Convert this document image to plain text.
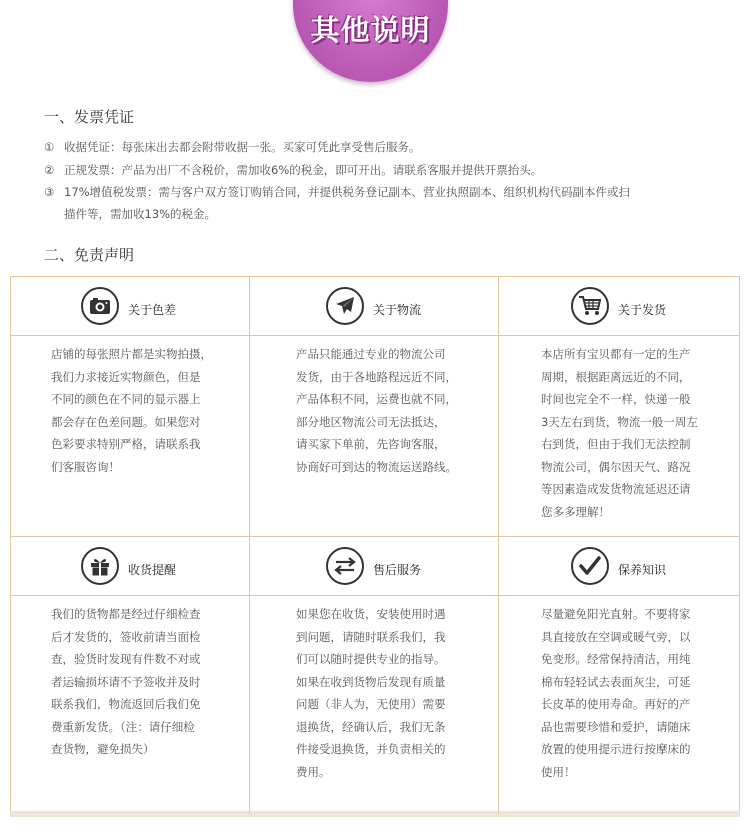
其他说明
一、发票凭证
① 收据凭证：每张床出去都会附带收据一张。买家可凭此享受售后服务。
② 正规发票：产品为出厂不含税价，需加收6%的税金，即可开出。请联系客服并提供开票抬头。
③ 17%增值税发票：需与客户双方签订购销合同，并提供税务登记副本、营业执照副本、组织机构代码副本件或扫
描件等，需加收13%的税金。
二、免责声明
关于色差
店铺的每张照片都是实物拍摄，
我们力求接近实物颜色，但是
不同的颜色在不同的显示器上
都会存在色差问题。如果您对
色彩要求特别严格，请联系我
们客服咨询！
关于物流
产品只能通过专业的物流公司
发货，由于各地路程远近不同，
产品体积不同，运费也就不同，
部分地区物流公司无法抵达，
请买家下单前，先咨询客服，
协商好可到达的物流运送路线。
关于发货
本店所有宝贝都有一定的生产
周期，根据距离远近的不同，
时间也完全不一样，快递一般
3天左右到货，物流一般一周左
右到货，但由于我们无法控制
物流公司，偶尔因天气、路况
等因素造成发货物流延迟还请
您多多理解！
收货提醒
我们的货物都是经过仔细检查
后才发货的，签收前请当面检
查，验货时发现有件数不对或
者运输损坏请不予签收并及时
联系我们，物流返回后我们免
费重新发货。（注：请仔细检
查货物，避免损失）
售后服务
如果您在收货，安装使用时遇
到问题，请随时联系我们，我
们可以随时提供专业的指导。
如果在收到货物后发现有质量
问题（非人为，无使用）需要
退换货，经确认后，我们无条
件接受退换货，并负责相关的
费用。
保养知识
尽量避免阳光直射。不要将家
具直接放在空调或暖气旁，以
免变形。经常保持清洁，用纯
棉布轻轻试去表面灰尘，可延
长皮革的使用寿命。再好的产
品也需要珍惜和爱护，请随床
放置的使用提示进行按摩床的
使用！
